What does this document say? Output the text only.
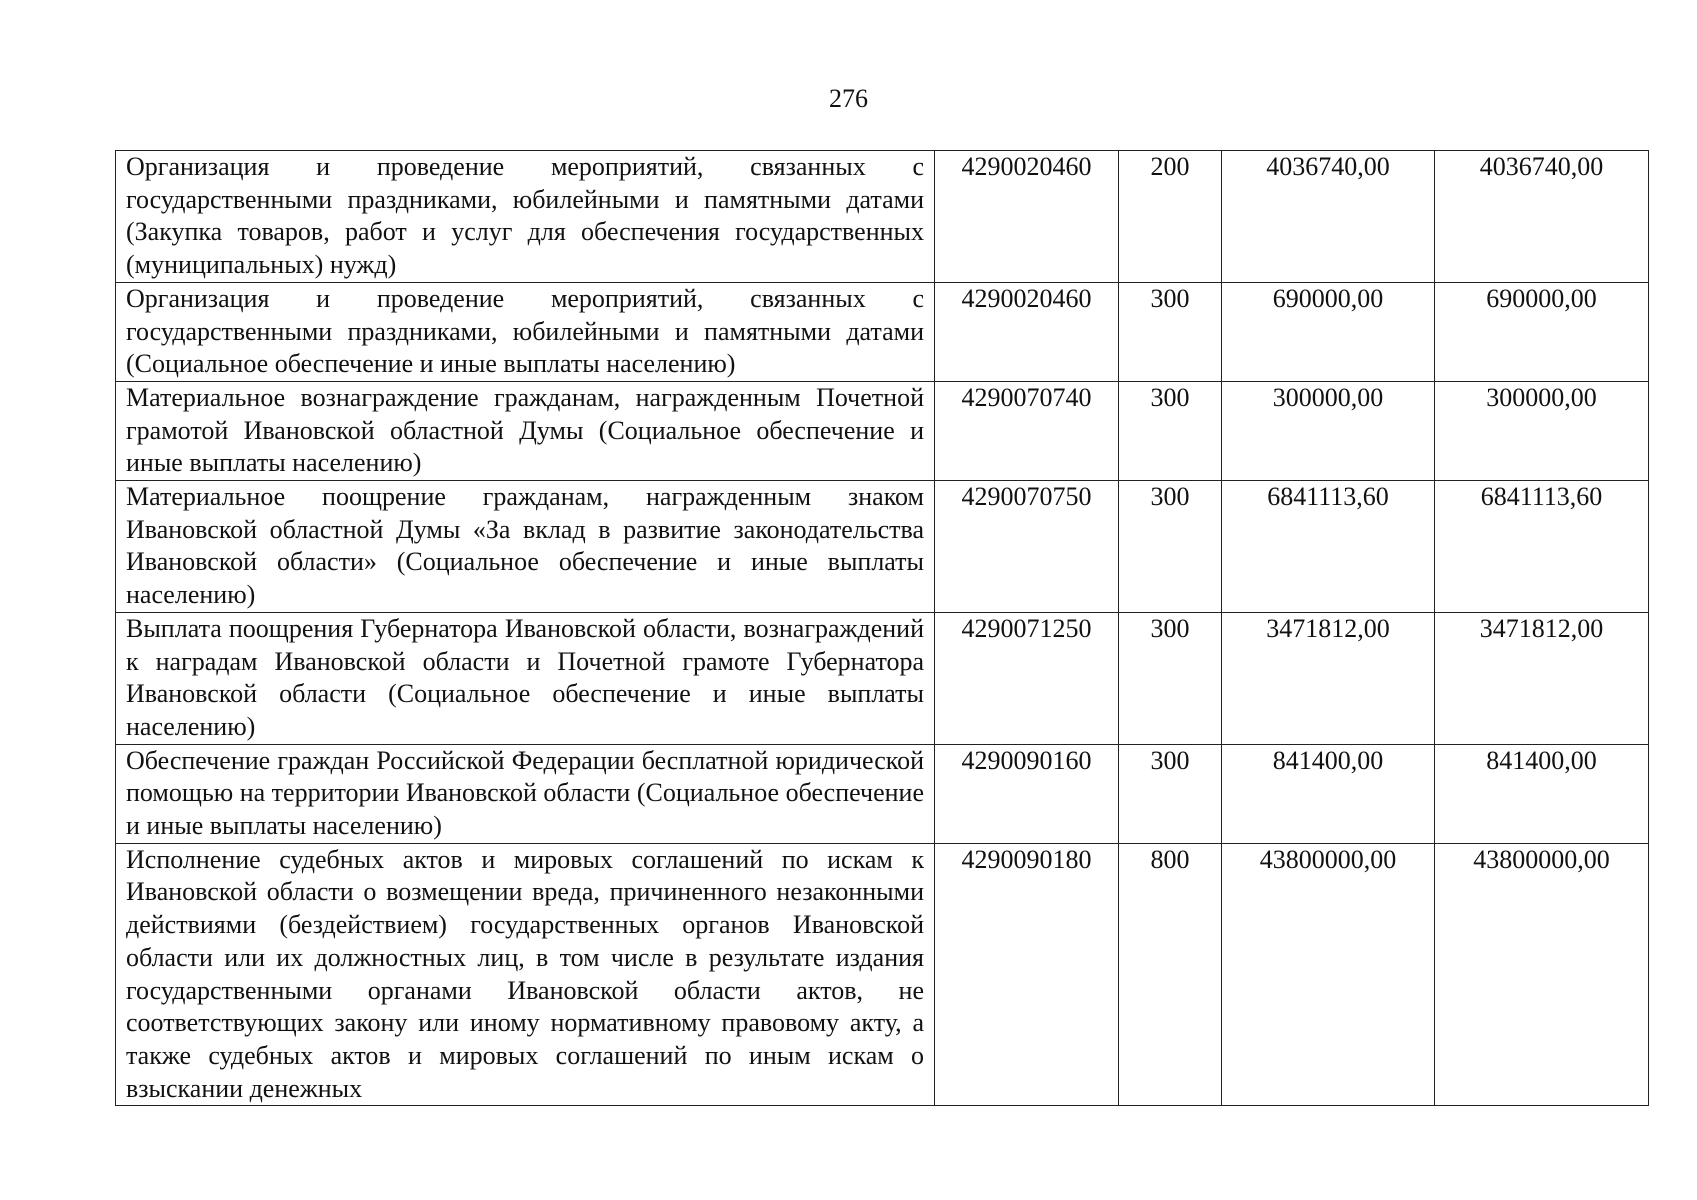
276
Организация и проведение мероприятий, связанных с государственными праздниками, юбилейными и памятными датами (Закупка товаров, работ и услуг для обеспечения государственных (муниципальных) нужд)	4290020460	200	4036740,00	4036740,00
Организация и проведение мероприятий, связанных с государственными праздниками, юбилейными и памятными датами (Социальное обеспечение и иные выплаты населению)	4290020460	300	690000,00	690000,00
Материальное вознаграждение гражданам, награжденным Почетной грамотой Ивановской областной Думы (Социальное обеспечение и иные выплаты населению)	4290070740	300	300000,00	300000,00
Материальное поощрение гражданам, награжденным знаком Ивановской областной Думы «За вклад в развитие законодательства Ивановской области» (Социальное обеспечение и иные выплаты населению)	4290070750	300	6841113,60	6841113,60
Выплата поощрения Губернатора Ивановской области, вознаграждений к наградам Ивановской области и Почетной грамоте Губернатора Ивановской области (Социальное обеспечение и иные выплаты населению)	4290071250	300	3471812,00	3471812,00
Обеспечение граждан Российской Федерации бесплатной юридической помощью на территории Ивановской области (Социальное обеспечение и иные выплаты населению)	4290090160	300	841400,00	841400,00

Исполнение судебных актов и мировых соглашений по искам к Ивановской области о возмещении вреда, причиненного незаконными действиями (бездействием) государственных органов Ивановской области или их должностных лиц, в том числе в результате издания государственными органами Ивановской области актов, не соответствующих закону или иному нормативному правовому акту, а также судебных актов и мировых соглашений по иным искам о взыскании денежных	4290090180	800	43800000,00	43800000,00
